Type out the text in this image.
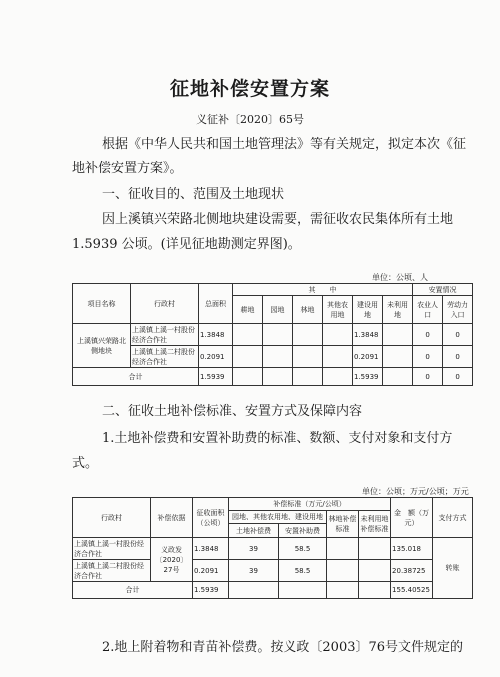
征地补偿安置方案
义征补〔2020〕65号
根据《中华人民共和国土地管理法》等有关规定，拟定本次《征
地补偿安置方案》。
一、征收目的、范围及土地现状
因上溪镇兴荣路北侧地块建设需要，需征收农民集体所有土地
1.5939 公顷。(详见征地勘测定界图)。
单位：公顷、人
项目名称	行政村	总面积	其　　中						安置情况	
			耕地	园地	林地	其他农用地	建设用地	未利用地	农业人口	劳动力入口
上溪镇兴荣路北侧地块	上溪镇上溪一村股份经济合作社	1.3848					1.3848		0	0
	上溪镇上溪二村股份经济合作社	0.2091					0.2091		0	0
合计		1.5939					1.5939		0	0
二、征收土地补偿标准、安置方式及保障内容
1.土地补偿费和安置补助费的标准、数额、支付对象和支付方
式。
单位：公顷；万元/公顷；万元
行政村	补偿依据	征收面积（公顷）	补偿标准（万元/公顷）				金　额（万元）	支付方式
			园地、其他农用地、建设用地		林地补偿标准	未利用地补偿标准		
			土地补偿费	安置补助费				
上溪镇上溪一村股份经济合作社	义政发〔2020〕27号	1.3848	39	58.5			135.018	转账
上溪镇上溪二村股份经济合作社		0.2091	39	58.5			20.38725	
合计		1.5939					155.40525	
2.地上附着物和青苗补偿费。按义政〔2003〕76号文件规定的
